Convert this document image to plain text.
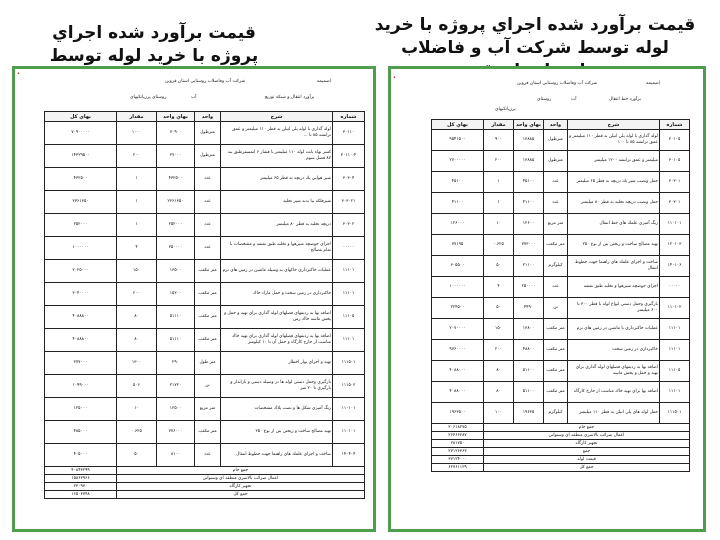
قيمت برآورد شده اجراي پروژه با خريد لوله توسط
قيمت برآورد شده اجراي پروژه با خريد لوله توسط شركت آب و فاضلاب
•
شركت آب وفاضلاب روستايي استان قزوين	(ضميمه
برآورد انتقال و شبكه توزيع
آب
روستاي پرزيانكيهاي
شماره	شرح	واحد	بهاي واحد	مقدار	بهاي كل
۳۰۱۱۰	لوله گذاري با لوله پلي اتيلن به قطر ۱۱۰ ميليمتر و عمق ترانشه ۸۵ تا ...	مترطول	۷۰۹۰۰	۱۰۰۰	۷۰۹۰۰۰۰۰
۳۰۱۱۰-۴	كسر بهاء بابت لوله ۱۱۰ ميليمتر با فشار ۶ اتمسفرطبق بند ۸۷ فصل سوم	مترطول	۲۷۰۰۰	۲۰۰	۱۴۳۲۹۵۰۰
۳۰۳۰۴	شير هوايي يك دريچه به قطر ۶۵ ميليمتر	عدد	۴۳۲۵۰۰	۱	۴۳۲۵۰۰
۳۰۳۰۲۱	شيرفلكه بيا بدنه شير تخليه	عدد	۲۳۶۱۳۵۰	۱	۲۳۶۱۳۵۰
۳۰۳۰۲	دريچه تخليه به قطر ۸۰ ميليمتر	عدد	۲۵۲۰۰۰	۱	۲۵۲۰۰۰
۰۰۰۰۰	اجراي حوضچه شيرهوا و تخليه طبق نقشه و مشخصات با تمام مصالح	عدد	۲۵۰۰۰۰	۴	۱۰۰۰۰۰۰
۱۱۱۰۱	عمليات خاكبرداري خاكهاي به وسيله ماشين در زمين هاي نرم	متر مكعب	۱۳۵۰۰	۱۵۰	۲۰۲۵۰۰۰
۱۱۱۰۱	خاكبرداري در زمين سخت و حمل مازاد خاك	متر مكعب	۱۵۲۰۰	۲۰۰	۳۰۴۰۰۰۰
۱۱۱۰۵	اضافه بها به رديفهاي فصلهاي لوله گذاري براي تهيه و حمل و پخش ماسه خاك رس	متر مكعب	۵۱۱۱۰	۸۰	۴۰۸۸۸۰۰
۱۱۱۰۱	اضافه بها به رديفهاي فصلهاي لوله گذاري براي تهيه خاك مناسب از خارج كارگاه و حمل آن تا ۱۰ كيلومتر	متر مكعب	۵۱۱۱۰	۸۰	۴۰۸۸۸۰۰
۱۱۱۵۰۱	تهيه و اجراي نوار اخطار	متر طول	۲۹۰	۱۳۰۰	۳۷۷۰۰۰
۱۱۱۵۰۲	بارگيري وحمل دستي لوله ها در وسيله دستي و بارانداز و بارگيري تا ۲۰ متر	تن	۲۱۷۲۰	۵۰۶	۱۰۹۹۰۰۰
۱۱۰۱۰۱	رنگ آميزي شكل ها و نصب پلاك مشخصات	متر مربع	۱۲۵۰۰	۱۰	۱۲۵۰۰۰
۱۱۰۱۰۱	تهيه مصالح ساخت و ريختن بتن از نوع ۲۵۰	متر مكعب	۷۷۶۰۰۰	۰.۶۲۵	۴۸۵۰۰۰
۱۴۰۴۰۴	ساخت و اجراي علمك هاي راهنما جهت خطوط انتقال	عدد	۸۱۰۰	۵۰	۴۰۵۰۰۰
جمع خام					۴۰۸۴۳۲۹۹
اعمال ضرائب بالاسري منطقه اي وسنواتي					۱۵۸۶۳۹۶۶
تجهيز كارگاه					۲۳۰۹۷۰
جمع كل					۱۶۵۰۳۷۴۸
•
شركت آب وفاضلاب روستايي استان قزوين	(ضميمه
برآورد خط انتقال
آب
روستاي
پرزيانكيهاي
شماره	شرح	واحد	بهاي واحد	مقدار	بهاي كل
۳۰۱۰۵	لوله گذاري با لوله پلي اتيلن به قطر ۱۱۰ ميليمتر و عمق ترانشه ۸۵ تا ۱۰۰	مترطول	۱۳۸۸۵	۹۰۰	۹۵۴۱۵۰۰
۳۰۱۰۵	ميليمتر و عمق ترانشه ۱۲۰۰ ميليمتر	مترطول	۱۳۸۸۵	۲۰۰	۲۷۰۰۰۰۰
۳۰۳۰۱	حمل ونصب شير يك دريچه به قطر ۶۵ ميليمتر	عدد	۴۵۱۰۰	۱	۴۵۱۰۰
۳۰۳۰۱	حمل ونصب دريچه تخليه به قطر ۸۰ ميليمتر	عدد	۴۱۱۰۰	۱	۴۱۱۰۰
۱۱۰۱۰۱	رنگ آميزي علمك هاي خط انتقال	متر مربع	۱۲۶۰۰	۱۰	۱۲۶۰۰۰
۱۲۰۱۰۳	تهيه مصالح ساخت و ريختن بتن از نوع ۲۵۰	متر مكعب	۷۷۳۰۰۰	۰.۶۲۵	۷۷۱۹۵
۱۴۰۱۰۶	ساخت و اجراي علمك هاي راهنما جهت خطوط انتقال	كيلوگرم	۲۱۱۰۰	۵۰	۳۰۵۵۰۰
۰۰۰۰۰	اجراي حوضچه شيرهوا و تخليه طبق نقشه	عدد	۲۵۰۰۰۰	۴	۱۰۰۰۰۰۰
۱۱۰۱۰۲	بارگيري وحمل دستي انواع لوله با قطر ۳۰۰ تا ۶۰۰ ميليمتر	تن	۴۴۹۰	۵۰	۲۲۴۵۰۰
۱۱۱۰۱	عمليات خاكبرداري با ماشين در زمين هاي نرم	متر مكعب	۱۳۸۰۰	۱۵۰	۲۰۷۰۰۰۰
۱۱۱۰۱	خاكبرداري در زمين سخت	متر مكعب	۴۸۸۰۰	۲۰۰	۹۷۶۰۰۰۰
۱۱۱۰۵	اضافه بها به رديفهاي فصلهاي لوله گذاري براي تهيه و حمل و پخش ماسه	متر مكعب	۵۱۱۰۰	۸۰	۴۰۸۸۰۰۰
۱۱۱۰۱	اضافه بها براي تهيه خاك مناسب از خارج كارگاه	متر مكعب	۵۱۱۰۰	۸۰	۴۰۸۸۰۰۰
۱۱۱۵۰۱	حمل لوله هاي پلي اتيلن به قطر ۱۱۰ ميليمتر	كيلوگرم	۱۹۶۳۵	۱۰۰	۱۹۶۳۵۰۰
جمع خام					۲۰۶۱۸۲۷۵
اعمال ضرائب بالاسري منطقه اي وسنواتي					۲۶۳۶۶۲۸۷
تجهيز كارگاه					۲۸۱۷۵۰
جمع					۲۷۱۲۶۳۶۳
قيمت لوله					۳۷۱۲۴۰۰۰
جمع كل					۶۲۷۶۱۱۲۹
